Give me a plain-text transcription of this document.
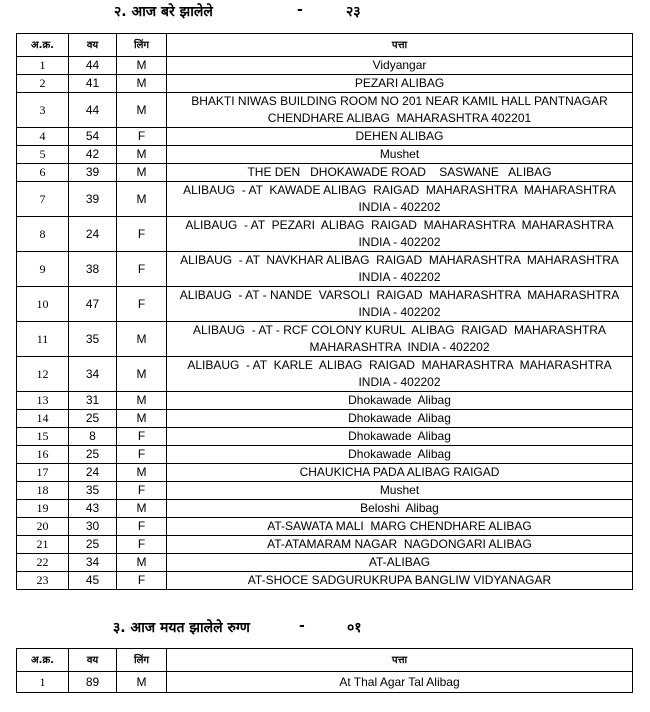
२. आज बरे झालेले	-	२३
अ.क्र.	वय	लिंग	पत्ता
1	44	M	Vidyangar

2	41	M	PEZARI ALIBAG

3	44	M	BHAKTI NIWAS BUILDING ROOM NO 201 NEAR KAMIL HALL PANTNAGAR
CHENDHARE ALIBAG  MAHARASHTRA 402201

4	54	F	DEHEN ALIBAG

5	42	M	Mushet

6	39	M	THE DEN   DHOKAWADE ROAD    SASWANE   ALIBAG

7	39	M	ALIBAUG  - AT  KAWADE ALIBAG  RAIGAD  MAHARASHTRA  MAHARASHTRA
INDIA - 402202

8	24	F	ALIBAUG  - AT  PEZARI  ALIBAG  RAIGAD  MAHARASHTRA  MAHARASHTRA
INDIA - 402202

9	38	F	ALIBAUG  - AT  NAVKHAR ALIBAG  RAIGAD  MAHARASHTRA  MAHARASHTRA
INDIA - 402202

10	47	F	ALIBAUG  - AT - NANDE  VARSOLI  RAIGAD  MAHARASHTRA  MAHARASHTRA
INDIA - 402202

11	35	M	ALIBAUG  - AT - RCF COLONY KURUL  ALIBAG  RAIGAD  MAHARASHTRA
MAHARASHTRA  INDIA - 402202

12	34	M	ALIBAUG  - AT  KARLE  ALIBAG  RAIGAD  MAHARASHTRA  MAHARASHTRA
INDIA - 402202

13	31	M	Dhokawade  Alibag

14	25	M	Dhokawade  Alibag

15	8	F	Dhokawade  Alibag

16	25	F	Dhokawade  Alibag

17	24	M	CHAUKICHA PADA ALIBAG RAIGAD

18	35	F	Mushet

19	43	M	Beloshi  Alibag

20	30	F	AT-SAWATA MALI  MARG CHENDHARE ALIBAG

21	25	F	AT-ATAMARAM NAGAR  NAGDONGARI ALIBAG

22	34	M	AT-ALIBAG

23	45	F	AT-SHOCE SADGURUKRUPA BANGLIW VIDYANAGAR
३. आज मयत झालेले रुग्ण	-	०१
अ.क्र.	वय	लिंग	पत्ता
1	89	M	At Thal Agar Tal Alibag
